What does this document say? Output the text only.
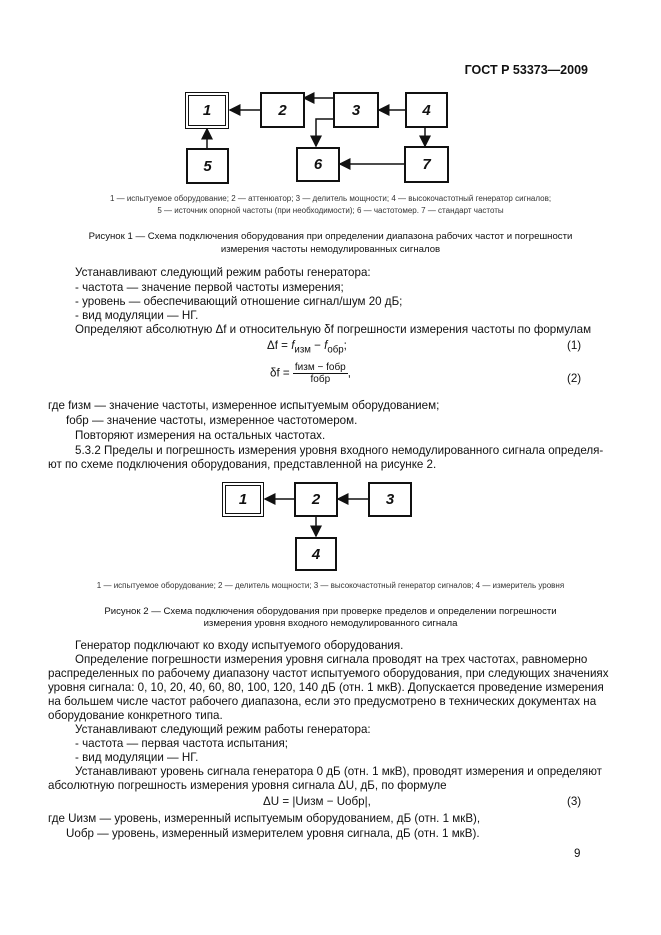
ГОСТ Р 53373—2009
1	2	3	4
5	6	7
1 — испытуемое оборудование; 2 — аттенюатор; 3 — делитель мощности; 4 — высокочастотный генератор сигналов;
5 — источник опорной частоты (при необходимости); 6 — частотомер. 7 — стандарт частоты
Рисунок 1 — Схема подключения оборудования при определении диапазона рабочих частот и погрешности
измерения частоты немодулированных сигналов
Устанавливают следующий режим работы генератора:
- частота — значение первой частоты измерения;
- уровень — обеспечивающий отношение сигнал/шум 20 дБ;
- вид модуляции — НГ.
Определяют абсолютную Δf и относительную δf погрешности измерения частоты по формулам
$\Delta f = f_{изм} - f_{обр}$;	(1)
$\delta f = \frac{\text{fизм − fобр}}{\text{fобр}}$ ,	(2)
где fизм — значение частоты, измеренное испытуемым оборудованием;
fобр — значение частоты, измеренное частотомером.
Повторяют измерения на остальных частотах.
5.3.2 Пределы и погрешность измерения уровня входного немодулированного сигнала определя-
ют по схеме подключения оборудования, представленной на рисунке 2.
1	2	3
4
1 — испытуемое оборудование; 2 — делитель мощности; 3 — высокочастотный генератор сигналов; 4 — измеритель уровня
Рисунок 2 — Схема подключения оборудования при проверке пределов и определении погрешности
измерения уровня входного немодулированного сигнала
Генератор подключают ко входу испытуемого оборудования.
Определение погрешности измерения уровня сигнала проводят на трех частотах, равномерно
распределенных по рабочему диапазону частот испытуемого оборудования, при следующих значениях
уровня сигнала: 0, 10, 20, 40, 60, 80, 100, 120, 140 дБ (отн. 1 мкВ). Допускается проведение измерения
на большем числе частот рабочего диапазона, если это предусмотрено в технических документах на
оборудование конкретного типа.
Устанавливают следующий режим работы генератора:
- частота — первая частота испытания;
- вид модуляции — НГ.
Устанавливают уровень сигнала генератора 0 дБ (отн. 1 мкВ), проводят измерения и определяют
абсолютную погрешность измерения уровня сигнала ΔU, дБ, по формуле
ΔU = |Uизм − Uобр|,	(3)
где Uизм — уровень, измеренный испытуемым оборудованием, дБ (отн. 1 мкВ),
Uобр — уровень, измеренный измерителем уровня сигнала, дБ (отн. 1 мкВ).
9
